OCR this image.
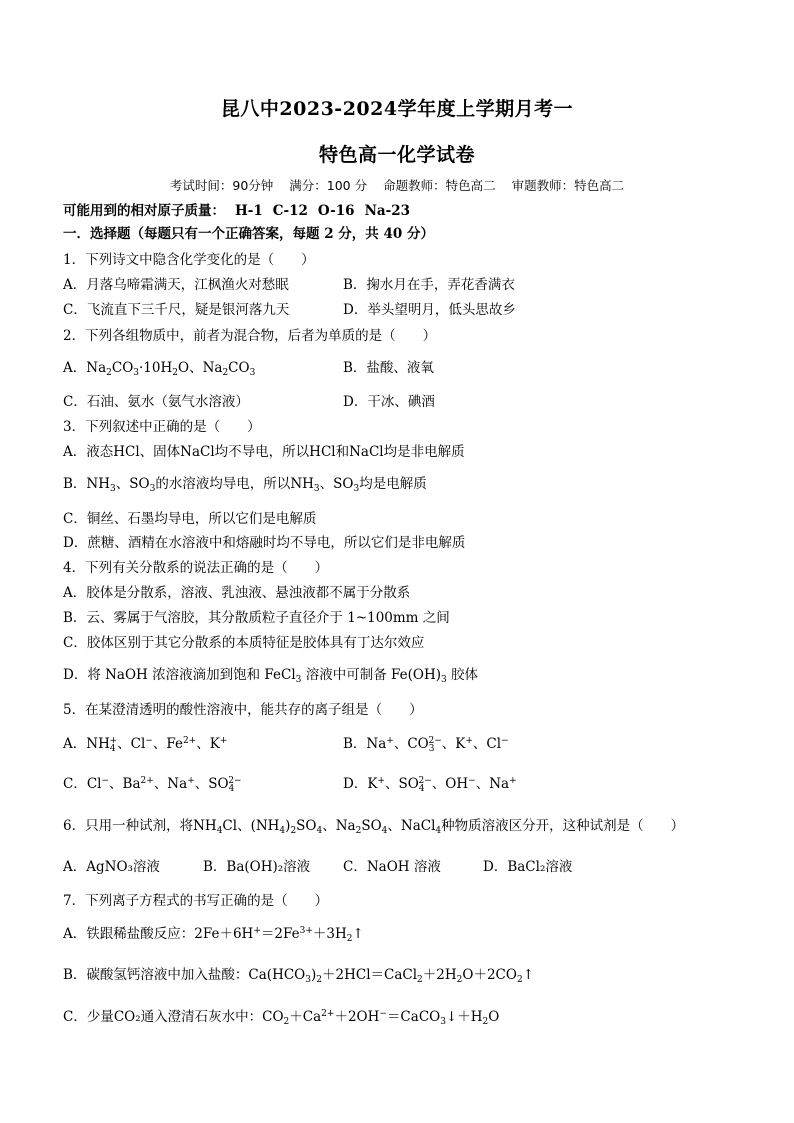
昆八中2023-2024学年度上学期月考一
特色高一化学试卷
考试时间：90分钟 满分：100 分 命题教师：特色高二 审题教师：特色高二
可能用到的相对原子质量： H-1 C-12 O-16 Na-23
一．选择题（每题只有一个正确答案，每题 2 分，共 40 分）
1．下列诗文中隐含化学变化的是（　　）
A．月落乌啼霜满天，江枫渔火对愁眠	B．掬水月在手，弄花香满衣
C．飞流直下三千尺，疑是银河落九天	D．举头望明月，低头思故乡
2．下列各组物质中，前者为混合物，后者为单质的是（　　）
A．$Na_2CO_3\cdot 10H_2O$、$Na_2CO_3$	B．盐酸、液氧
C．石油、氨水（氨气水溶液）	D．干冰、碘酒
3．下列叙述中正确的是（　　）
A．液态HCl、固体NaCl均不导电，所以HCl和NaCl均是非电解质
B．$NH_3$、$SO_3$的水溶液均导电，所以$NH_3$、$SO_3$均是电解质
C．铜丝、石墨均导电，所以它们是电解质
D．蔗糖、酒精在水溶液中和熔融时均不导电，所以它们是非电解质
4．下列有关分散系的说法正确的是（　　）
A．胶体是分散系，溶液、乳浊液、悬浊液都不属于分散系
B．云、雾属于气溶胶，其分散质粒子直径介于 1~100mm 之间
C．胶体区别于其它分散系的本质特征是胶体具有丁达尔效应
D．将 NaOH 浓溶液滴加到饱和 FeCl$_3$ 溶液中可制备 $Fe(OH)_3$ 胶体
5．在某澄清透明的酸性溶液中，能共存的离子组是（　　）
A．$NH_4^+$、Cl−、$Fe^{2+}$、K+	B．Na+、$CO_3^{2-}$、K+、Cl−
C．Cl−、$Ba^{2+}$、Na+、$SO_4^{2-}$	D．K+、$SO_4^{2-}$、OH−、Na+
6．只用一种试剂，将$NH_4Cl$、$(NH_4)_2SO_4$、$Na_2SO_4$、NaCl$_4$种物质溶液区分开，这种试剂是（　　）
A．AgNO₃溶液	B．Ba(OH)₂溶液 C．NaOH 溶液	D．BaCl₂溶液
7．下列离子方程式的书写正确的是（　　）
A．铁跟稀盐酸反应：$2Fe+6H^+=2Fe^{3+}+3H_2↑$
B．碳酸氢钙溶液中加入盐酸：$Ca(HCO_3)_2+2HCl=CaCl_2+2H_2O+2CO_2↑$
C．少量CO₂通入澄清石灰水中：$CO_2+Ca^{2+}+2OH^-=CaCO_3↓+H_2O$
